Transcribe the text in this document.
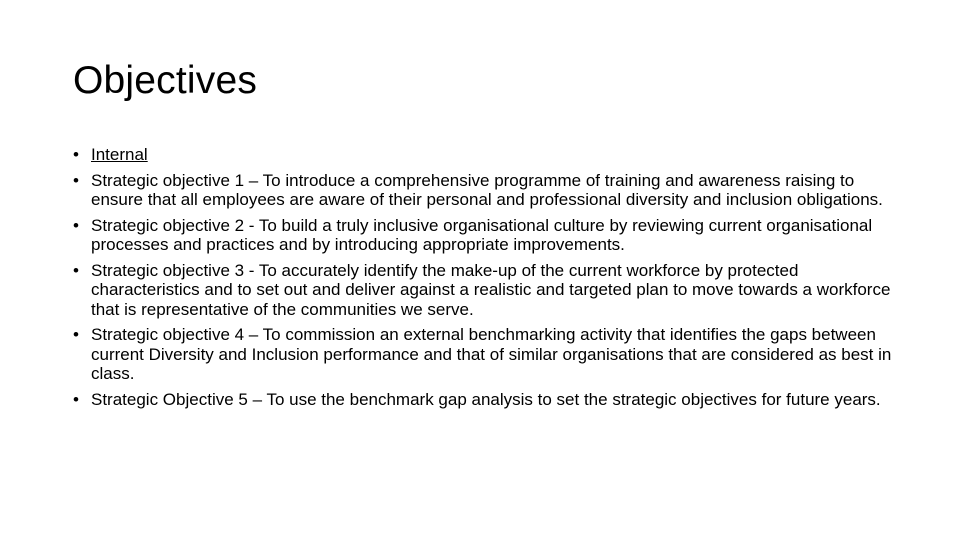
Objectives
• Internal
• Strategic objective 1 – To introduce a comprehensive programme of training and awareness raising to ensure that all employees are aware of their personal and professional diversity and inclusion obligations.
• Strategic objective 2 - To build a truly inclusive organisational culture by reviewing current organisational processes and practices and by introducing appropriate improvements.
• Strategic objective 3 - To accurately identify the make-up of the current workforce by protected characteristics and to set out and deliver against a realistic and targeted plan to move towards a workforce that is representative of the communities we serve.
• Strategic objective 4 – To commission an external benchmarking activity that identifies the gaps between current Diversity and Inclusion performance and that of similar organisations that are considered as best in class.
• Strategic Objective 5 – To use the benchmark gap analysis to set the strategic objectives for future years.
